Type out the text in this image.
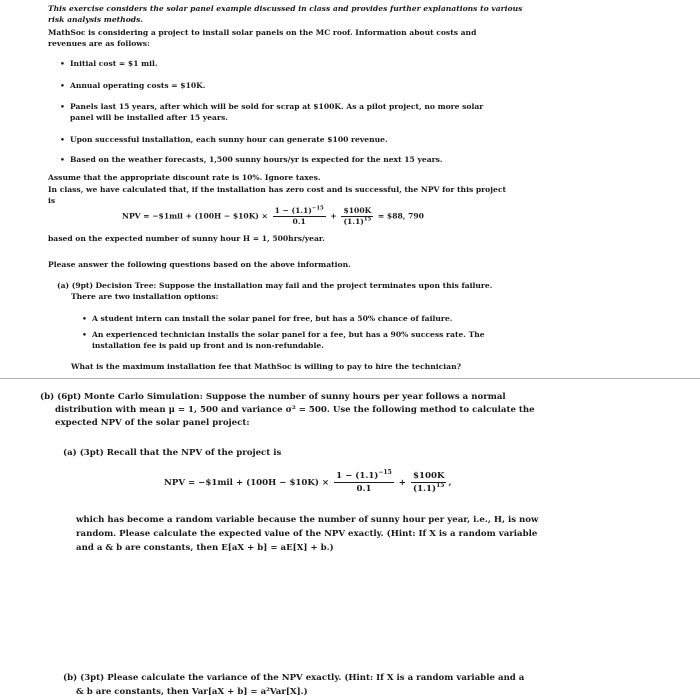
This exercise considers the solar panel example discussed in class and provides further explanations to various
risk analysis methods.
MathSoc is considering a project to install solar panels on the MC roof. Information about costs and
revenues are as follows:
• Initial cost = $1 mil.
• Annual operating costs = $10K.
• Panels last 15 years, after which will be sold for scrap at $100K. As a pilot project, no more solar
panel will be installed after 15 years.
• Upon successful installation, each sunny hour can generate $100 revenue.
• Based on the weather forecasts, 1,500 sunny hours/yr is expected for the next 15 years.
Assume that the appropriate discount rate is 10%. Ignore taxes.
In class, we have calculated that, if the installation has zero cost and is successful, the NPV for this project
is
NPV = −$1mil + (100H − $10K) × $\frac{1 - (1.1)^{-15}}{0.1} + \frac{\$100K}{(1.1)^{15}}$ = $88, 790
based on the expected number of sunny hour H = 1, 500hrs/year.
Please answer the following questions based on the above information.
(a) (9pt) Decision Tree: Suppose the installation may fail and the project terminates upon this failure.
There are two installation options:
• A student intern can install the solar panel for free, but has a 50% chance of failure.
• An experienced technician installs the solar panel for a fee, but has a 90% success rate. The
installation fee is paid up front and is non-refundable.
What is the maximum installation fee that MathSoc is willing to pay to hire the technician?
(b) (6pt) Monte Carlo Simulation: Suppose the number of sunny hours per year follows a normal
distribution with mean μ = 1, 500 and variance σ² = 500. Use the following method to calculate the
expected NPV of the solar panel project:
(a) (3pt) Recall that the NPV of the project is
NPV = −$1mil + (100H − $10K) × $\frac{1 - (1.1)^{-15}}{0.1} + \frac{\$100K}{(1.1)^{15}}$ ,
which has become a random variable because the number of sunny hour per year, i.e., H, is now
random. Please calculate the expected value of the NPV exactly. (Hint: If X is a random variable
and a & b are constants, then E[aX + b] = aE[X] + b.)
(b) (3pt) Please calculate the variance of the NPV exactly. (Hint: If X is a random variable and a
& b are constants, then Var[aX + b] = a²Var[X].)
